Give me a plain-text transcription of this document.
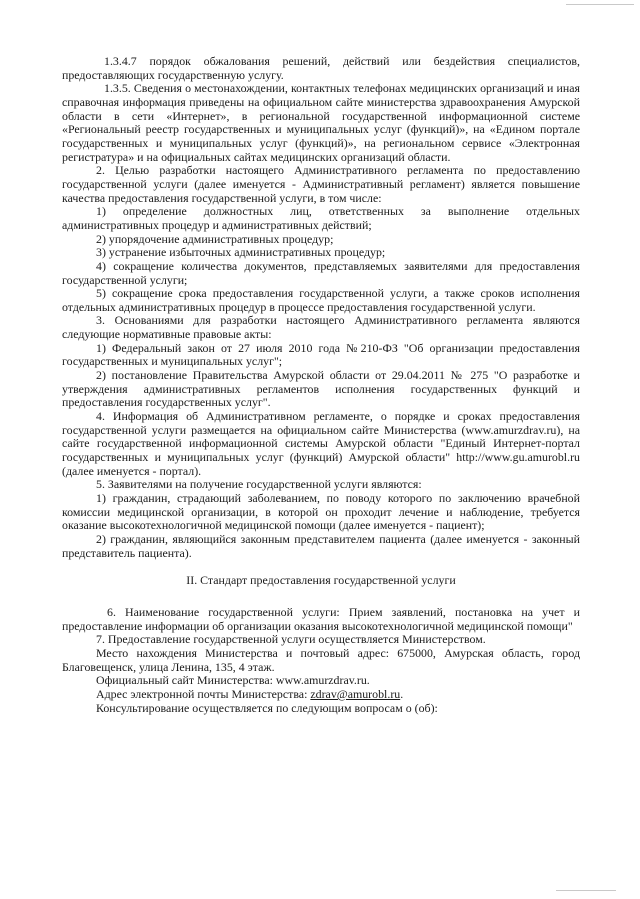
1.3.4.7 порядок обжалования решений, действий или бездействия специалистов, предоставляющих государственную услугу.

1.3.5. Сведения о местонахождении, контактных телефонах медицинских организаций и иная справочная информация приведены на официальном сайте министерства здравоохранения Амурской области в сети «Интернет», в региональной государственной информационной системе «Региональный реестр государственных и муниципальных услуг (функций)», на «Едином портале государственных и муниципальных услуг (функций)», на региональном сервисе «Электронная регистратура» и на официальных сайтах медицинских организаций области.

2. Целью разработки настоящего Административного регламента по предоставлению государственной услуги (далее именуется - Административный регламент) является повышение качества предоставления государственной услуги, в том числе:

1) определение должностных лиц, ответственных за выполнение отдельных административных процедур и административных действий;

2) упорядочение административных процедур;

3) устранение избыточных административных процедур;

4) сокращение количества документов, представляемых заявителями для предоставления государственной услуги;

5) сокращение срока предоставления государственной услуги, а также сроков исполнения отдельных административных процедур в процессе предоставления государственной услуги.

3. Основаниями для разработки настоящего Административного регламента являются следующие нормативные правовые акты:

1) Федеральный закон от 27 июля 2010 года №210-ФЗ "Об организации предоставления государственных и муниципальных услуг";

2) постановление Правительства Амурской области от 29.04.2011 № 275 "О разработке и утверждения административных регламентов исполнения государственных функций и предоставления государственных услуг".

4. Информация об Административном регламенте, о порядке и сроках предоставления государственной услуги размещается на официальном сайте Министерства (www.amurzdrav.ru), на сайте государственной информационной системы Амурской области "Единый Интернет-портал государственных и муниципальных услуг (функций) Амурской области" http://www.gu.amurobl.ru (далее именуется - портал).

5. Заявителями на получение государственной услуги являются:

1) гражданин, страдающий заболеванием, по поводу которого по заключению врачебной комиссии медицинской организации, в которой он проходит лечение и наблюдение, требуется оказание высокотехнологичной медицинской помощи (далее именуется - пациент);

2) гражданин, являющийся законным представителем пациента (далее именуется - законный представитель пациента).

II. Стандарт предоставления государственной услуги

6. Наименование государственной услуги: Прием заявлений, постановка на учет и предоставление информации об организации оказания высокотехнологичной медицинской помощи"

7. Предоставление государственной услуги осуществляется Министерством.

Место нахождения Министерства и почтовый адрес: 675000, Амурская область, город Благовещенск, улица Ленина, 135, 4 этаж.

Официальный сайт Министерства: www.amurzdrav.ru.

Адрес электронной почты Министерства: zdrav@amurobl.ru.

Консультирование осуществляется по следующим вопросам о (об):
